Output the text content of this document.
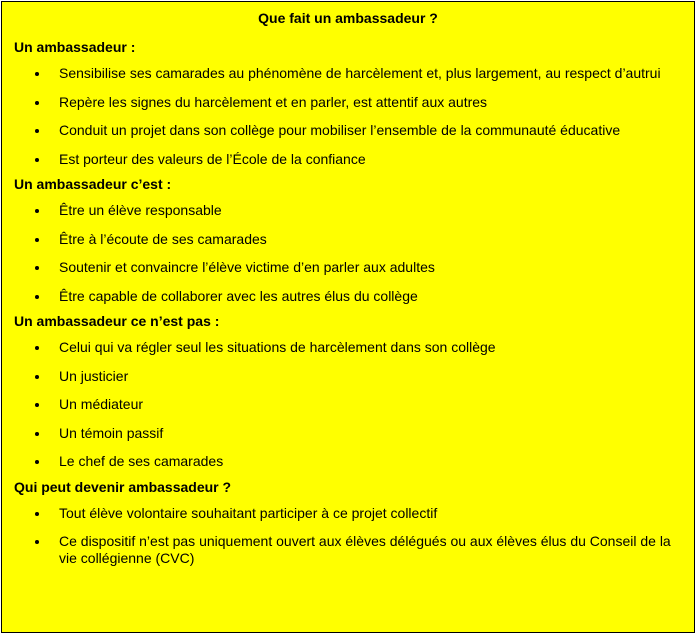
Que fait un ambassadeur ?
Un ambassadeur :
Sensibilise ses camarades au phénomène de harcèlement et, plus largement, au respect d’autrui
Repère les signes du harcèlement et en parler, est attentif aux autres
Conduit un projet dans son collège pour mobiliser l’ensemble de la communauté éducative
Est porteur des valeurs de l’École de la confiance
Un ambassadeur c’est :
Être un élève responsable
Être à l’écoute de ses camarades
Soutenir et convaincre l’élève victime d’en parler aux adultes
Être capable de collaborer avec les autres élus du collège
Un ambassadeur ce n’est pas :
Celui qui va régler seul les situations de harcèlement dans son collège
Un justicier
Un médiateur
Un témoin passif
Le chef de ses camarades
Qui peut devenir ambassadeur ?
Tout élève volontaire souhaitant participer à ce projet collectif
Ce dispositif n’est pas uniquement ouvert aux élèves délégués ou aux élèves élus du Conseil de la vie collégienne (CVC)
